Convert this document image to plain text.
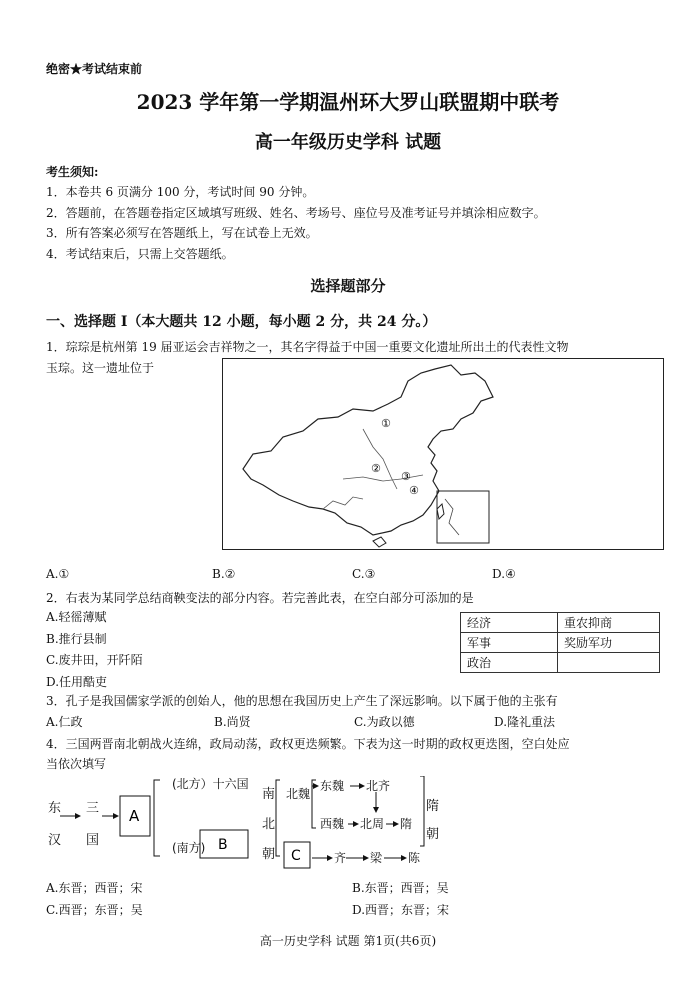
绝密★考试结束前
2023 学年第一学期温州环大罗山联盟期中联考
高一年级历史学科 试题
考生须知:
1．本卷共 6 页满分 100 分，考试时间 90 分钟。
2．答题前，在答题卷指定区域填写班级、姓名、考场号、座位号及准考证号并填涂相应数字。
3．所有答案必须写在答题纸上，写在试卷上无效。
4．考试结束后，只需上交答题纸。
选择题部分
一、选择题 Ⅰ（本大题共 12 小题，每小题 2 分，共 24 分。）
1．琮琮是杭州第 19 届亚运会吉祥物之一，其名字得益于中国一重要文化遗址所出土的代表性文物
玉琮。这一遗址位于
①
②
③
④
A.①	B.②	C.③	D.④
2．右表为某同学总结商鞅变法的部分内容。若完善此表，在空白部分可添加的是
A.轻徭薄赋
B.推行县制
C.废井田，开阡陌
D.任用酷吏
经济	重农抑商
军事	奖励军功
政治	
3．孔子是我国儒家学派的创始人，他的思想在我国历史上产生了深远影响。以下属于他的主张有
A.仁政	B.尚贤	C.为政以德	D.隆礼重法
4．三国两晋南北朝战火连绵，政局动荡，政权更迭频繁。下表为这一时期的政权更迭图，空白处应
当依次填写
东
汉
三
国
(北方）十六国
(南方)
南
北
朝
北魏
东魏 北齐
西魏 北周 隋
齐 梁 陈
隋
朝
A
B
C
A.东晋；西晋；宋	B.东晋；西晋；吴
C.西晋；东晋；吴	D.西晋；东晋；宋
高一历史学科 试题 第1页(共6页)
